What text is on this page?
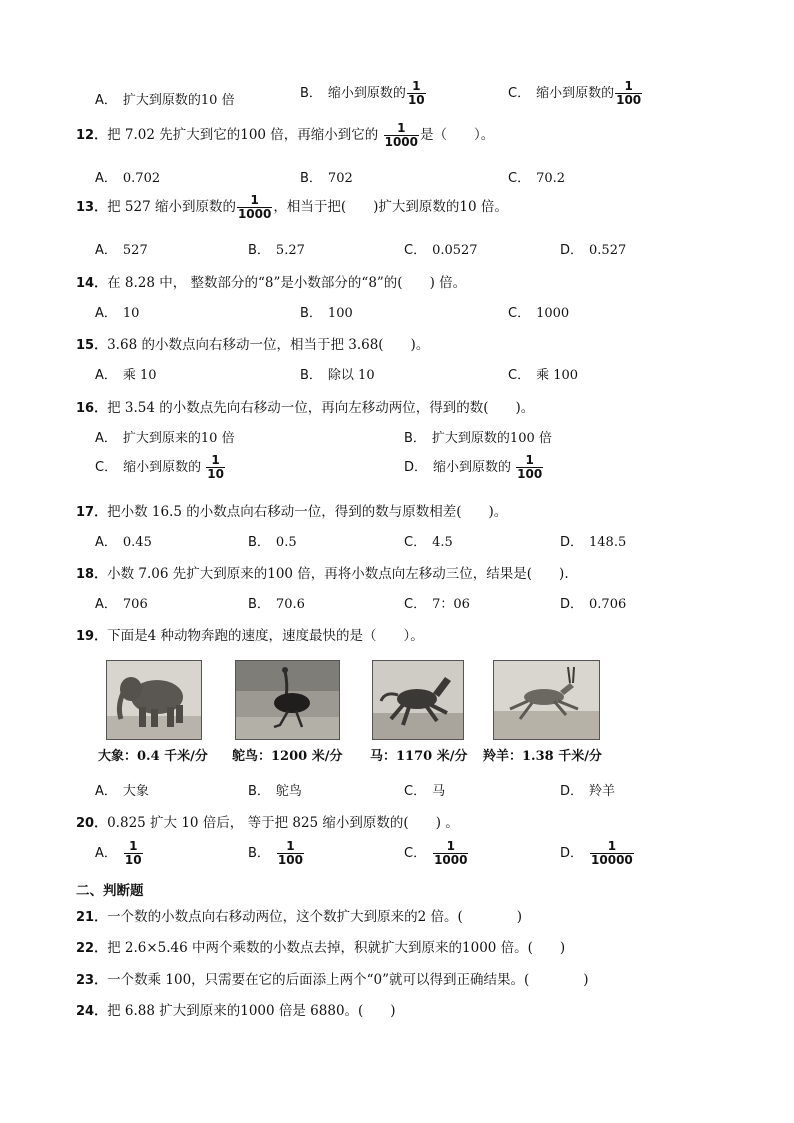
A． 扩大到原数的10 倍	B． 缩小到原数的 $\frac{1}{10}$	C． 缩小到原数的 $\frac{1}{100}$
12．把 7.02 先扩大到它的100 倍，再缩小到它的 $\frac{1}{1000}$ 是（　　）。
A． 0.702	B． 702	C． 70.2
13．把 527 缩小到原数的 $\frac{1}{1000}$ ，相当于把(　　)扩大到原数的10 倍。
A． 527	B． 5.27	C． 0.0527	D． 0.527
14．在 8.28 中， 整数部分的“8”是小数部分的“8”的(　　) 倍。
A． 10	B． 100	C． 1000
15．3.68 的小数点向右移动一位，相当于把 3.68(　　)。
A． 乘 10	B． 除以 10	C． 乘 100
16．把 3.54 的小数点先向右移动一位，再向左移动两位，得到的数(　　)。
A． 扩大到原来的10 倍	B． 扩大到原数的100 倍
C． 缩小到原数的 $\frac{1}{10}$	D． 缩小到原数的 $\frac{1}{100}$
17．把小数 16.5 的小数点向右移动一位，得到的数与原数相差(　　)。
A． 0.45	B． 0.5	C． 4.5	D． 148.5
18．小数 7.06 先扩大到原来的100 倍，再将小数点向左移动三位，结果是(　　).
A． 706	B． 70.6	C． 7：06	D． 0.706
19．下面是4 种动物奔跑的速度，速度最快的是（　　）。
大象：0.4 千米/分 鸵鸟：1200 米/分 马：1170 米/分 羚羊：1.38 千米/分
A． 大象	B． 鸵鸟	C． 马	D． 羚羊
20．0.825 扩大 10 倍后， 等于把 825 缩小到原数的(　　) 。
A． $\frac{1}{10}$	B． $\frac{1}{100}$	C． $\frac{1}{1000}$	D． $\frac{1}{10000}$
二、判断题
21．一个数的小数点向右移动两位，这个数扩大到原来的2 倍。(　　　　)
22．把 2.6×5.46 中两个乘数的小数点去掉，积就扩大到原来的1000 倍。(　　)
23．一个数乘 100，只需要在它的后面添上两个“0”就可以得到正确结果。(　　　　)
24．把 6.88 扩大到原来的1000 倍是 6880。(　　)
